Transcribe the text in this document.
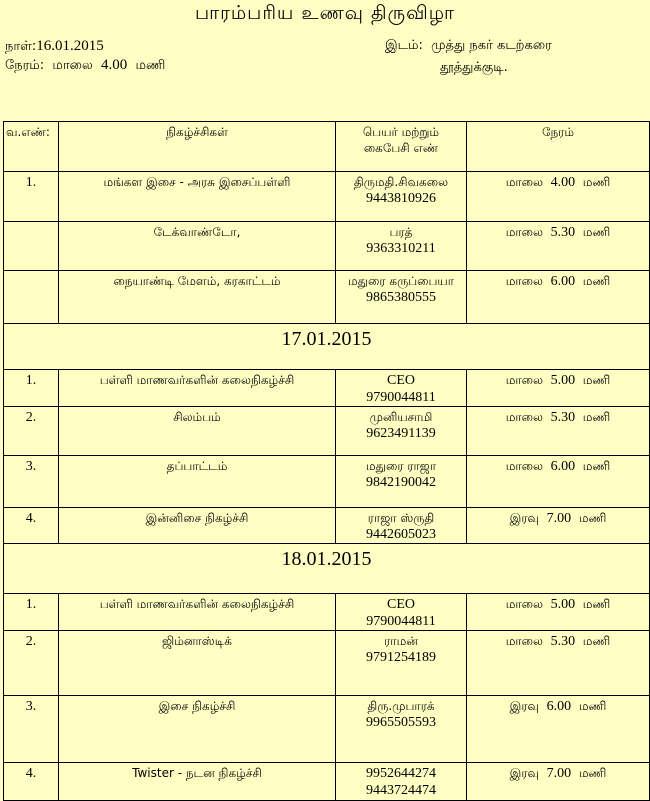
பாரம்பரிய உணவு திருவிழா
நாள்:16.01.2015
நேரம்: மாலை 4.00 மணி
இடம்: முத்து நகர் கடற்கரை
தூத்துக்குடி.
வ.எண்:	நிகழ்ச்சிகள்	பெயர் மற்றும்
கைபேசி எண்	நேரம்
1.	மங்கள இசை - அரசு இசைப்பள்ளி	திருமதி.சிவகலை
9443810926	மாலை 4.00 மணி
	டேக்வாண்டோ,	பரத்
9363310211	மாலை 5.30 மணி
	நையாண்டி மேளம், கரகாட்டம்	மதுரை கருப்பையா
9865380555	மாலை 6.00 மணி
17.01.2015			
1.	பள்ளி மாணவர்களின் கலைநிகழ்ச்சி	CEO
9790044811	மாலை 5.00 மணி
2.	சிலம்பம்	முனியசாமி
9623491139	மாலை 5.30 மணி
3.	தப்பாட்டம்	மதுரை ராஜா
9842190042	மாலை 6.00 மணி
4.	இன்னிசை நிகழ்ச்சி	ராஜா ஸ்ருதி
9442605023	இரவு 7.00 மணி
18.01.2015			
1.	பள்ளி மாணவர்களின் கலைநிகழ்ச்சி	CEO
9790044811	மாலை 5.00 மணி
2.	ஜிம்னாஸ்டிக்	ராமன்
9791254189	மாலை 5.30 மணி
3.	இசை நிகழ்ச்சி	திரு.முபாரக்
9965505593	இரவு 6.00 மணி
4.	Twister - நடன நிகழ்ச்சி	9952644274
9443724474	இரவு 7.00 மணி
